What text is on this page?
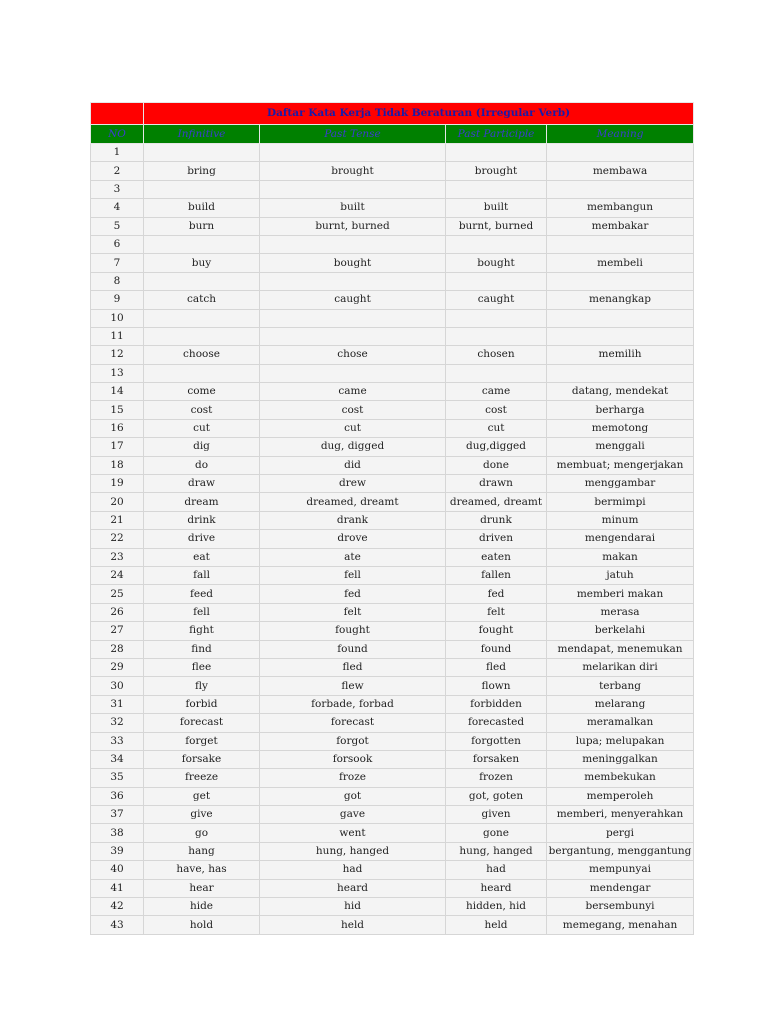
	Daftar Kata Kerja Tidak Beraturan (Irregular Verb)			
NO	Infinitive	Past Tense	Past Participle	Meaning
1				
2	bring	brought	brought	membawa
3				
4	build	built	built	membangun
5	burn	burnt, burned	burnt, burned	membakar
6				
7	buy	bought	bought	membeli
8				
9	catch	caught	caught	menangkap
10				
11				
12	choose	chose	chosen	memilih
13				
14	come	came	came	datang, mendekat
15	cost	cost	cost	berharga
16	cut	cut	cut	memotong
17	dig	dug, digged	dug,digged	menggali
18	do	did	done	membuat; mengerjakan
19	draw	drew	drawn	menggambar
20	dream	dreamed, dreamt	dreamed, dreamt	bermimpi
21	drink	drank	drunk	minum
22	drive	drove	driven	mengendarai
23	eat	ate	eaten	makan
24	fall	fell	fallen	jatuh
25	feed	fed	fed	memberi makan
26	fell	felt	felt	merasa
27	fight	fought	fought	berkelahi
28	find	found	found	mendapat, menemukan
29	flee	fled	fled	melarikan diri
30	fly	flew	flown	terbang
31	forbid	forbade, forbad	forbidden	melarang
32	forecast	forecast	forecasted	meramalkan
33	forget	forgot	forgotten	lupa; melupakan
34	forsake	forsook	forsaken	meninggalkan
35	freeze	froze	frozen	membekukan
36	get	got	got, goten	memperoleh
37	give	gave	given	memberi, menyerahkan
38	go	went	gone	pergi
39	hang	hung, hanged	hung, hanged	bergantung, menggantung
40	have, has	had	had	mempunyai
41	hear	heard	heard	mendengar
42	hide	hid	hidden, hid	bersembunyi
43	hold	held	held	memegang, menahan
